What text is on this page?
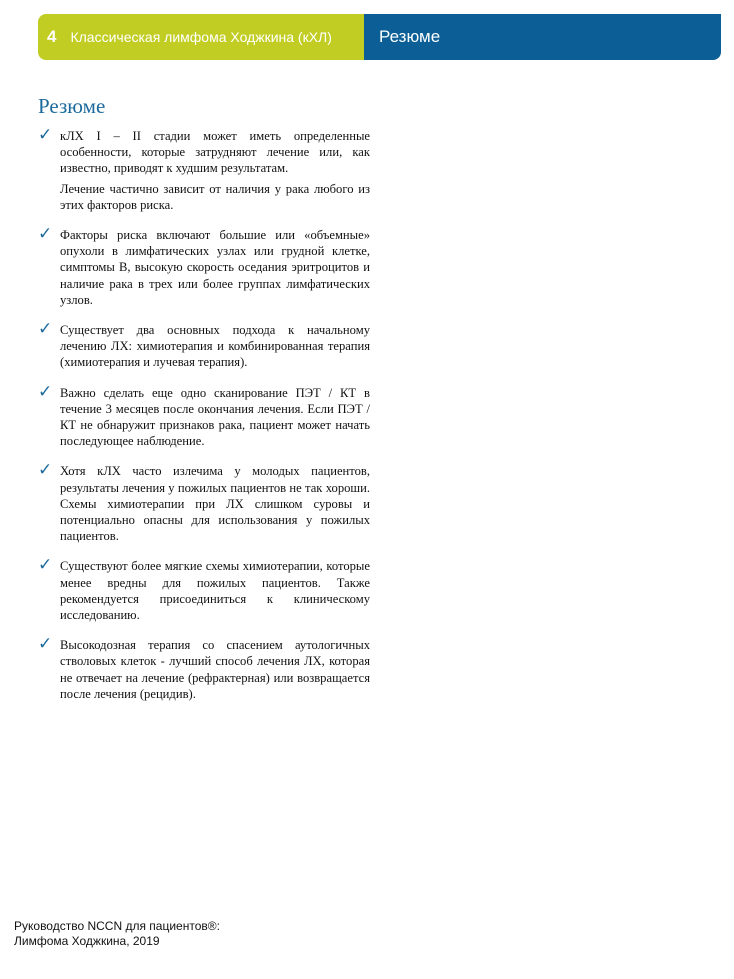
4 Классическая лимфома Ходжкина (кХЛ)	Резюме
Резюме
✓ кЛХ I – II стадии может иметь определенные особенности, которые затрудняют лечение или, как известно, приводят к худшим результатам.

Лечение частично зависит от наличия у рака любого из этих факторов риска.

✓ Факторы риска включают большие или «объемные» опухоли в лимфатических узлах или грудной клетке, симптомы B, высокую скорость оседания эритроцитов и наличие рака в трех или более группах лимфатических узлов.

✓ Существует два основных подхода к начальному лечению ЛХ: химиотерапия и комбинированная терапия (химиотерапия и лучевая терапия).

✓ Важно сделать еще одно сканирование ПЭТ / КТ в течение 3 месяцев после окончания лечения. Если ПЭТ / КТ не обнаружит признаков рака, пациент может начать последующее наблюдение.

✓ Хотя кЛХ часто излечима у молодых пациентов, результаты лечения у пожилых пациентов не так хороши. Схемы химиотерапии при ЛХ слишком суровы и потенциально опасны для использования у пожилых пациентов.

✓ Существуют более мягкие схемы химиотерапии, которые менее вредны для пожилых пациентов. Также рекомендуется присоединиться к клиническому исследованию.

✓ Высокодозная терапия со спасением аутологичных стволовых клеток - лучший способ лечения ЛХ, которая не отвечает на лечение (рефрактерная) или возвращается после лечения (рецидив).

Руководство NCCN для пациентов®:
Лимфома Ходжкина, 2019
